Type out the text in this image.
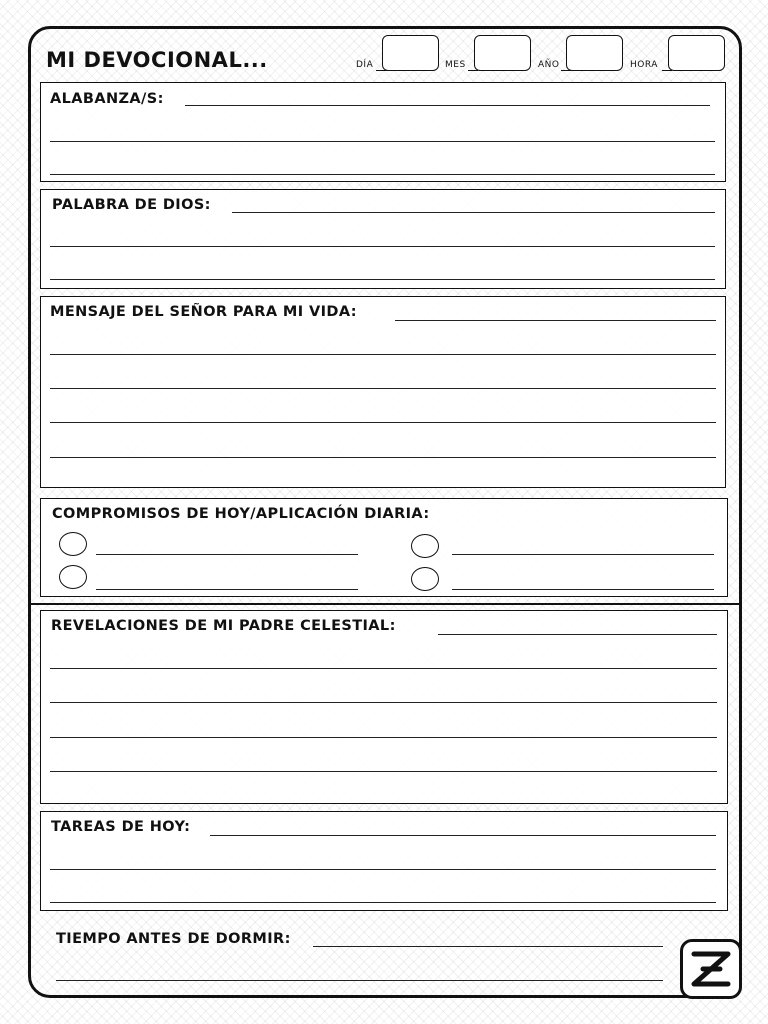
MI DEVOCIONAL...	DÍA	MES	AÑO	HORA
ALABANZA/S:
PALABRA DE DIOS:
MENSAJE DEL SEÑOR PARA MI VIDA:
COMPROMISOS DE HOY/APLICACIÓN DIARIA:
REVELACIONES DE MI PADRE CELESTIAL:
TAREAS DE HOY:
TIEMPO ANTES DE DORMIR:
